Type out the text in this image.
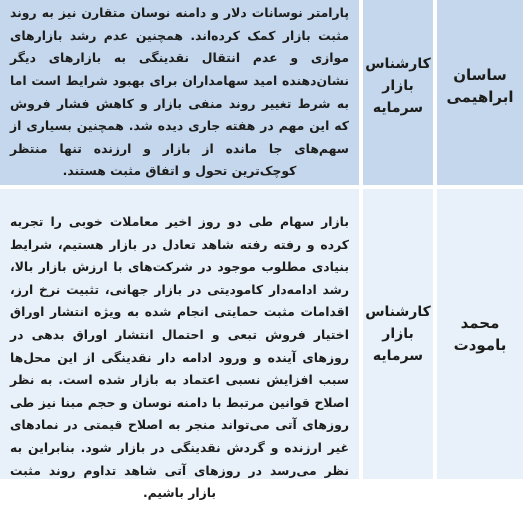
ساسان ابراهیمی
کارشناس بازار سرمایه
پارامتر نوسانات دلار و دامنه نوسان متقارن نیز به روند مثبت بازار کمک کرده‌اند. همچنین عدم رشد بازارهای موازی و عدم انتقال نقدینگی به بازارهای دیگر نشان‌دهنده امید سهامداران برای بهبود شرایط است اما به شرط تغییر روند منفی بازار و کاهش فشار فروش که این مهم در هفته جاری دیده شد. همچنین بسیاری از سهم‌های جا مانده از بازار و ارزنده تنها منتظر کوچک‌ترین تحول و اتفاق مثبت هستند.
محمد بامودت
کارشناس بازار سرمایه
بازار سهام طی دو روز اخیر معاملات خوبی را تجربه کرده و رفته رفته شاهد تعادل در بازار هستیم، شرایط بنیادی مطلوب موجود در شرکت‌های با ارزش بازار بالا، رشد ادامه‌دار کامودیتی در بازار جهانی، تثبیت نرخ ارز، اقدامات مثبت حمایتی انجام شده به ویژه انتشار اوراق اختیار فروش تبعی و احتمال انتشار اوراق بدهی در روزهای آینده و ورود ادامه دار نقدینگی از این محل‌ها سبب افزایش نسبی اعتماد به بازار شده است. به نظر اصلاح قوانین مرتبط با دامنه نوسان و حجم مبنا نیز طی روزهای آتی می‌تواند منجر به اصلاح قیمتی در نمادهای غیر ارزنده و گردش نقدینگی در بازار شود. بنابراین به نظر می‌رسد در روزهای آتی شاهد تداوم روند مثبت بازار باشیم.
